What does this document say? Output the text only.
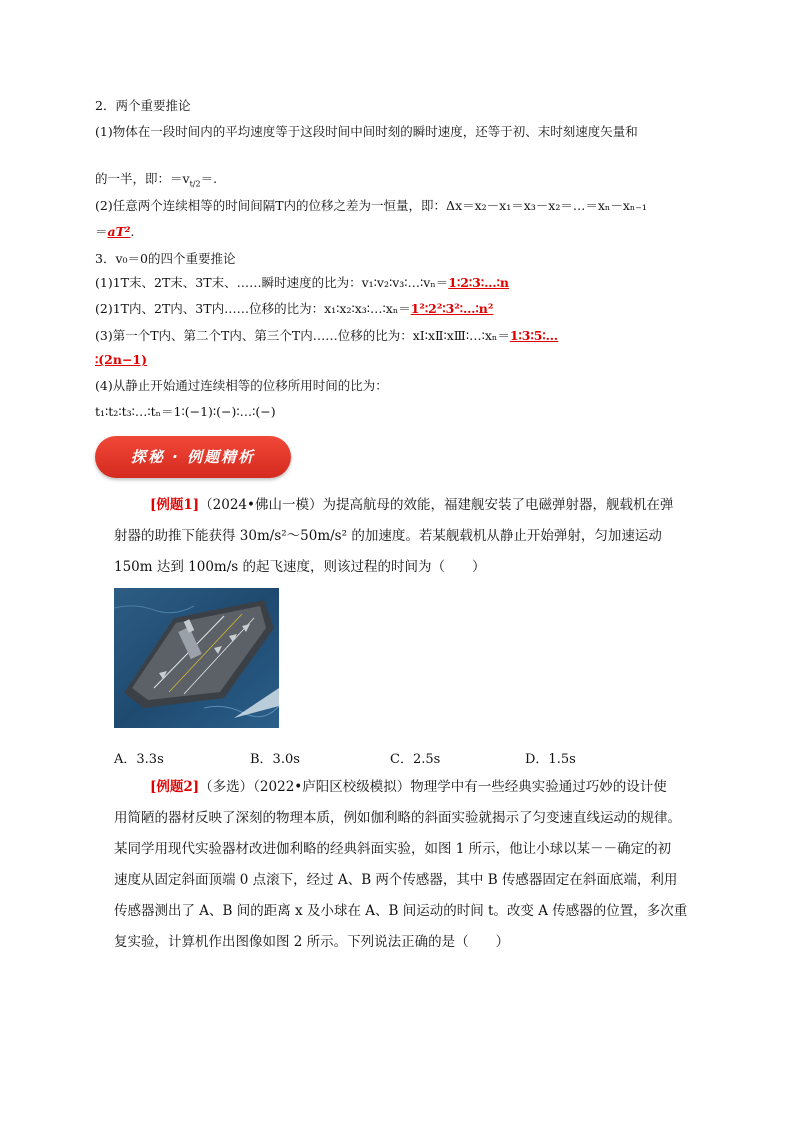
2．两个重要推论
(1)物体在一段时间内的平均速度等于这段时间中间时刻的瞬时速度，还等于初、末时刻速度矢量和
的一半，即：$=v_{t/2}=$.
(2)任意两个连续相等的时间间隔T内的位移之差为一恒量，即：Δx＝x₂－x₁＝x₃－x₂＝…＝xₙ－xₙ₋₁
＝aT².
3．v₀＝0的四个重要推论
(1)1T末、2T末、3T末、……瞬时速度的比为：v₁∶v₂∶v₃∶…∶vₙ＝1∶2∶3∶…∶n
(2)1T内、2T内、3T内……位移的比为：x₁∶x₂∶x₃∶…∶xₙ＝1²∶2²∶3²∶…∶n²
(3)第一个T内、第二个T内、第三个T内……位移的比为：xⅠ∶xⅡ∶xⅢ∶…∶xₙ＝1∶3∶5∶…
∶(2n−1)
(4)从静止开始通过连续相等的位移所用时间的比为：
t₁∶t₂∶t₃∶…∶tₙ＝1∶(−1)∶(−)∶…∶(−)
探秘 · 例题精析
[例题1]（2024•佛山一模）为提高航母的效能，福建舰安装了电磁弹射器，舰载机在弹
射器的助推下能获得 30m/s²～50m/s² 的加速度。若某舰载机从静止开始弹射，匀加速运动
150m 达到 100m/s 的起飞速度，则该过程的时间为（　　）
A．3.3s	B．3.0s	C．2.5s	D．1.5s
[例题2]（多选）（2022•庐阳区校级模拟）物理学中有一些经典实验通过巧妙的设计使
用简陋的器材反映了深刻的物理本质，例如伽利略的斜面实验就揭示了匀变速直线运动的规律。
某同学用现代实验器材改进伽利略的经典斜面实验，如图 1 所示，他让小球以某－－确定的初
速度从固定斜面顶端 0 点滚下，经过 A、B 两个传感器，其中 B 传感器固定在斜面底端，利用
传感器测出了 A、B 间的距离 x 及小球在 A、B 间运动的时间 t。改变 A 传感器的位置，多次重
复实验，计算机作出图像如图 2 所示。下列说法正确的是（　　）
